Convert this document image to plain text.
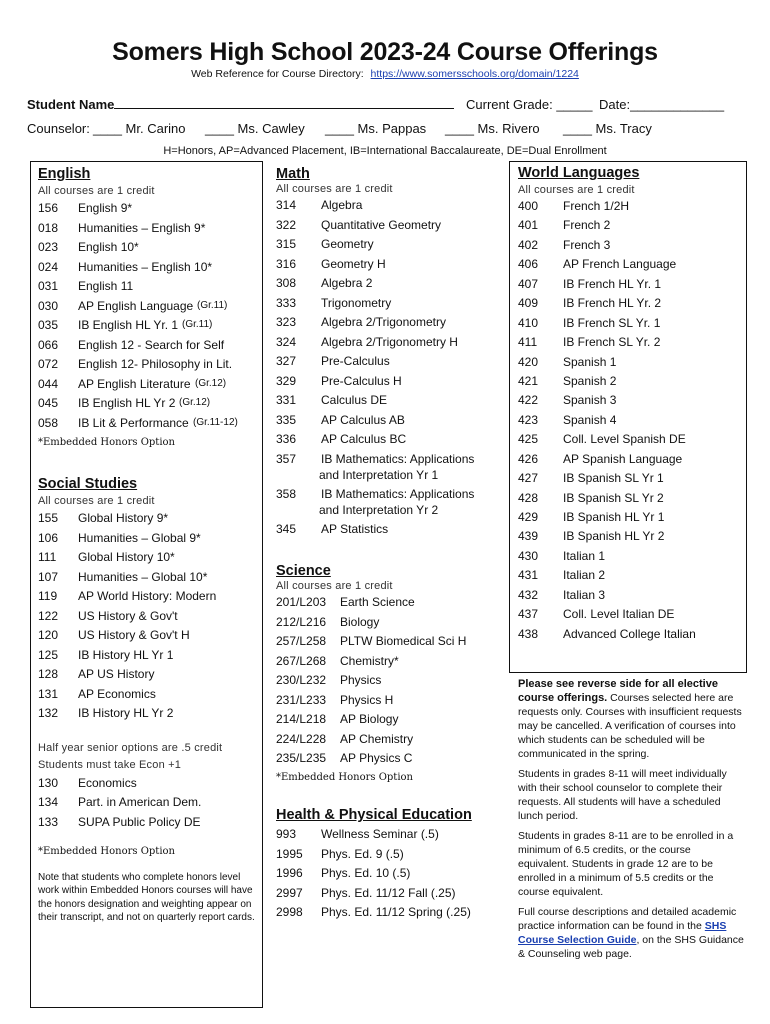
Somers High School 2023-24 Course Offerings
Web Reference for Course Directory: https://www.somersschools.org/domain/1224
Student Name	Current Grade: _____ Date:_____________
Counselor: ____ Mr. Carino ____ Ms. Cawley ____ Ms. Pappas ____ Ms. Rivero ____ Ms. Tracy
H=Honors, AP=Advanced Placement, IB=International Baccalaureate, DE=Dual Enrollment
English
All courses are 1 credit
156 English 9*
018 Humanities – English 9*
023 English 10*
024 Humanities – English 10*
031 English 11
030 AP English Language (Gr.11)
035 IB English HL Yr. 1 (Gr.11)
066 English 12 - Search for Self
072 English 12- Philosophy in Lit.
044 AP English Literature (Gr.12)
045 IB English HL Yr 2 (Gr.12)
058 IB Lit & Performance (Gr.11-12)
*Embedded Honors Option
Social Studies
All courses are 1 credit
155 Global History 9*
106 Humanities – Global 9*
111 Global History 10*
107 Humanities – Global 10*
119 AP World History: Modern
122 US History & Gov't
120 US History & Gov't H
125 IB History HL Yr 1
128 AP US History
131 AP Economics
132 IB History HL Yr 2
Half year senior options are .5 credit
Students must take Econ +1
130 Economics
134 Part. in American Dem.
133 SUPA Public Policy DE
*Embedded Honors Option
Note that students who complete honors level work within Embedded Honors courses will have the honors designation and weighting appear on their transcript, and not on quarterly report cards.
Math
All courses are 1 credit
314 Algebra
322 Quantitative Geometry
315 Geometry
316 Geometry H
308 Algebra 2
333 Trigonometry
323 Algebra 2/Trigonometry
324 Algebra 2/Trigonometry H
327 Pre-Calculus
329 Pre-Calculus H
331 Calculus DE
335 AP Calculus AB
336 AP Calculus BC
357 IB Mathematics: Applications
and Interpretation Yr 1
358 IB Mathematics: Applications
and Interpretation Yr 2
345 AP Statistics
Science
All courses are 1 credit
201/L203 Earth Science
212/L216 Biology
257/L258 PLTW Biomedical Sci H
267/L268 Chemistry*
230/L232 Physics
231/L233 Physics H
214/L218 AP Biology
224/L228 AP Chemistry
235/L235 AP Physics C
*Embedded Honors Option
Health & Physical Education
993 Wellness Seminar (.5)
1995 Phys. Ed. 9 (.5)
1996 Phys. Ed. 10 (.5)
2997 Phys. Ed. 11/12 Fall (.25)
2998 Phys. Ed. 11/12 Spring (.25)
World Languages
All courses are 1 credit
400 French 1/2H
401 French 2
402 French 3
406 AP French Language
407 IB French HL Yr. 1
409 IB French HL Yr. 2
410 IB French SL Yr. 1
411 IB French SL Yr. 2
420 Spanish 1
421 Spanish 2
422 Spanish 3
423 Spanish 4
425 Coll. Level Spanish DE
426 AP Spanish Language
427 IB Spanish SL Yr 1
428 IB Spanish SL Yr 2
429 IB Spanish HL Yr 1
439 IB Spanish HL Yr 2
430 Italian 1
431 Italian 2
432 Italian 3
437 Coll. Level Italian DE
438 Advanced College Italian

Please see reverse side for all elective course offerings. Courses selected here are requests only. Courses with insufficient requests may be cancelled. A verification of courses into which students can be scheduled will be communicated in the spring.

Students in grades 8-11 will meet individually with their school counselor to complete their requests. All students will have a scheduled lunch period.

Students in grades 8-11 are to be enrolled in a minimum of 6.5 credits, or the course equivalent. Students in grade 12 are to be enrolled in a minimum of 5.5 credits or the course equivalent.

Full course descriptions and detailed academic practice information can be found in the SHS Course Selection Guide, on the SHS Guidance & Counseling web page.
